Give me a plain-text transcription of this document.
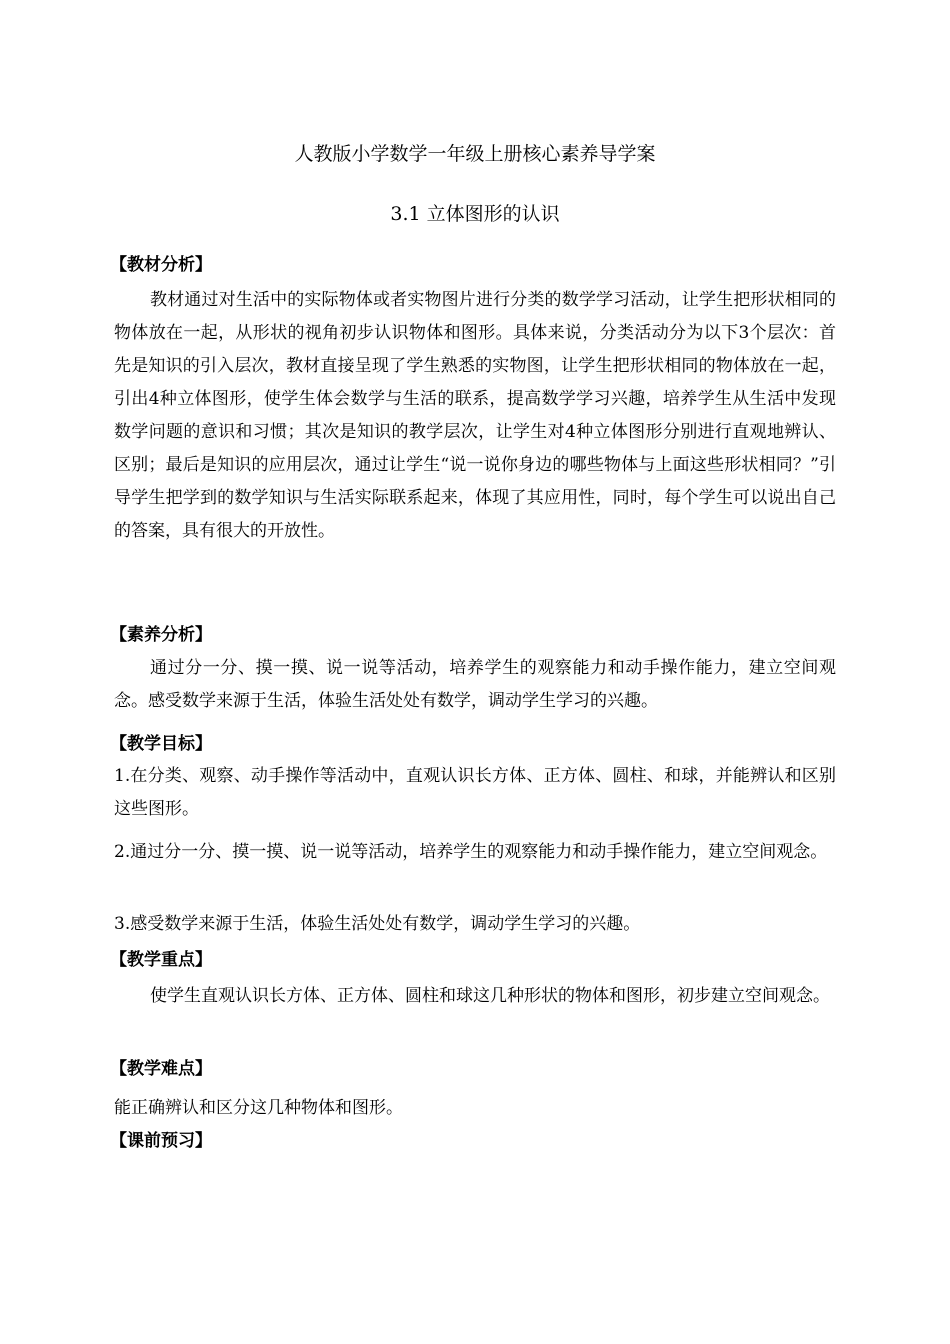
人教版小学数学一年级上册核心素养导学案
3.1 立体图形的认识
【教材分析】
教材通过对生活中的实际物体或者实物图片进行分类的数学学习活动，让学生把形状相同的物体放在一起，从形状的视角初步认识物体和图形。具体来说，分类活动分为以下3个层次：首先是知识的引入层次，教材直接呈现了学生熟悉的实物图，让学生把形状相同的物体放在一起，引出4种立体图形，使学生体会数学与生活的联系，提高数学学习兴趣，培养学生从生活中发现数学问题的意识和习惯；其次是知识的教学层次，让学生对4种立体图形分别进行直观地辨认、区别；最后是知识的应用层次，通过让学生“说一说你身边的哪些物体与上面这些形状相同？”引导学生把学到的数学知识与生活实际联系起来，体现了其应用性，同时，每个学生可以说出自己的答案，具有很大的开放性。
【素养分析】
通过分一分、摸一摸、说一说等活动，培养学生的观察能力和动手操作能力，建立空间观念。感受数学来源于生活，体验生活处处有数学，调动学生学习的兴趣。
【教学目标】
1.在分类、观察、动手操作等活动中，直观认识长方体、正方体、圆柱、和球，并能辨认和区别这些图形。
2.通过分一分、摸一摸、说一说等活动，培养学生的观察能力和动手操作能力，建立空间观念。
3.感受数学来源于生活，体验生活处处有数学，调动学生学习的兴趣。
【教学重点】
使学生直观认识长方体、正方体、圆柱和球这几种形状的物体和图形，初步建立空间观念。
【教学难点】
能正确辨认和区分这几种物体和图形。
【课前预习】
